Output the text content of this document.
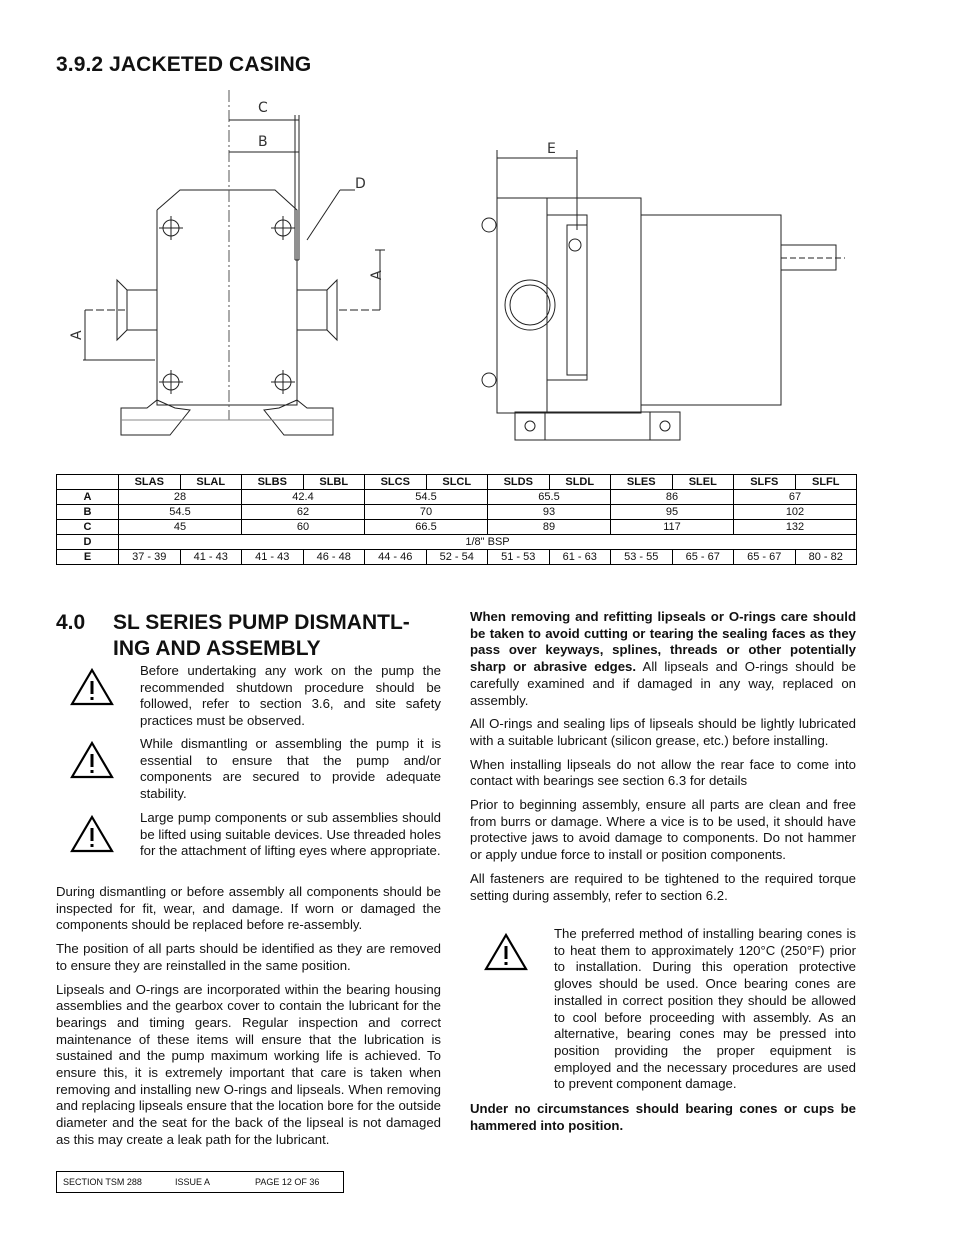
3.9.2 JACKETED CASING
C
B
D
A
A
E
	SLAS	SLAL	SLBS	SLBL	SLCS	SLCL	SLDS	SLDL	SLES	SLEL	SLFS	SLFL
A	28		42.4		54.5		65.5		86		67	
B	54.5		62		70		93		95		102	
C	45		60		66.5		89		117		132	
D	1/8" BSP											
E	37 - 39	41 - 43	41 - 43	46 - 48	44 - 46	52 - 54	51 - 53	61 - 63	53 - 55	65 - 67	65 - 67	80 - 82
4.0 SL SERIES PUMP DISMANTL-
ING AND ASSEMBLY
Before undertaking any work on the pump the recommended shutdown procedure should be followed, refer to section 3.6, and site safety practices must be observed.
While dismantling or assembling the pump it is essential to ensure that the pump and/or components are secured to provide adequate stability.
Large pump components or sub assemblies should be lifted using suitable devices. Use threaded holes for the attachment of lifting eyes where appropriate.

During dismantling or before assembly all components should be inspected for fit, wear, and damage. If worn or damaged the components should be replaced before re-assembly.

The position of all parts should be identified as they are removed to ensure they are reinstalled in the same position.

Lipseals and O-rings are incorporated within the bearing housing assemblies and the gearbox cover to contain the lubricant for the bearings and timing gears. Regular inspection and correct maintenance of these items will ensure that the lubrication is sustained and the pump maximum working life is achieved. To ensure this, it is extremely important that care is taken when removing and installing new O-rings and lipseals. When removing and replacing lipseals ensure that the location bore for the outside diameter and the seat for the back of the lipseal is not damaged as this may create a leak path for the lubricant.

When removing and refitting lipseals or O-rings care should be taken to avoid cutting or tearing the sealing faces as they pass over keyways, splines, threads or other potentially sharp or abrasive edges. All lipseals and O-rings should be carefully examined and if damaged in any way, replaced on assembly.

All O-rings and sealing lips of lipseals should be lightly lubricated with a suitable lubricant (silicon grease, etc.) before installing.

When installing lipseals do not allow the rear face to come into contact with bearings see section 6.3 for details

Prior to beginning assembly, ensure all parts are clean and free from burrs or damage. Where a vice is to be used, it should have protective jaws to avoid damage to components. Do not hammer or apply undue force to install or position components.

All fasteners are required to be tightened to the required torque setting during assembly, refer to section 6.2.

The preferred method of installing bearing cones is to heat them to approximately 120°C (250°F) prior to installation. During this operation protective gloves should be used. Once bearing cones are installed in correct position they should be allowed to cool before proceeding with assembly. As an alternative, bearing cones may be pressed into position providing the proper equipment is employed and the necessary procedures are used to prevent component damage.

Under no circumstances should bearing cones or cups be hammered into position.

SECTION TSM 288	ISSUE A	PAGE 12 OF 36
